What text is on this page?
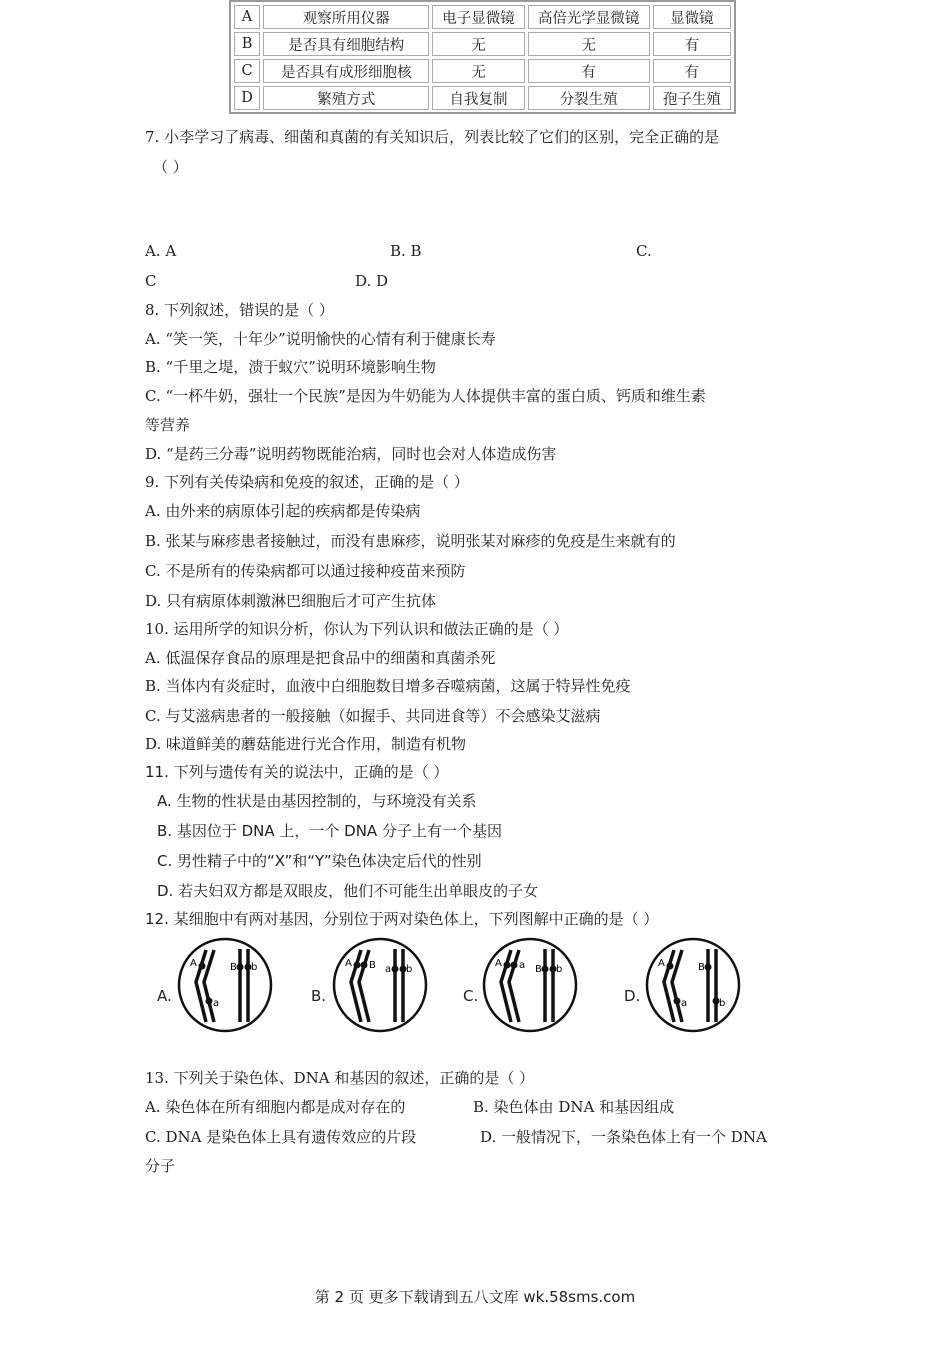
A	观察所用仪器	电子显微镜	高倍光学显微镜	显微镜
B	是否具有细胞结构	无	无	有
C	是否具有成形细胞核	无	有	有
D	繁殖方式	自我复制	分裂生殖	孢子生殖
7. 小李学习了病毒、细菌和真菌的有关知识后，列表比较了它们的区别，完全正确的是
（ ）
A. A	B. B	C.
C	D. D
8. 下列叙述，错误的是（ ）
A. “笑一笑，十年少”说明愉快的心情有利于健康长寿
B. “千里之堤，溃于蚁穴”说明环境影响生物
C. “一杯牛奶，强壮一个民族”是因为牛奶能为人体提供丰富的蛋白质、钙质和维生素
等营养
D. “是药三分毒”说明药物既能治病，同时也会对人体造成伤害
9. 下列有关传染病和免疫的叙述，正确的是（ ）
A. 由外来的病原体引起的疾病都是传染病
B. 张某与麻疹患者接触过，而没有患麻疹，说明张某对麻疹的免疫是生来就有的
C. 不是所有的传染病都可以通过接种疫苗来预防
D. 只有病原体刺激淋巴细胞后才可产生抗体
10. 运用所学的知识分析，你认为下列认识和做法正确的是（ ）
A. 低温保存食品的原理是把食品中的细菌和真菌杀死
B. 当体内有炎症时，血液中白细胞数目增多吞噬病菌，这属于特异性免疫
C. 与艾滋病患者的一般接触（如握手、共同进食等）不会感染艾滋病
D. 味道鲜美的蘑菇能进行光合作用，制造有机物
11. 下列与遗传有关的说法中，正确的是（ ）
A. 生物的性状是由基因控制的，与环境没有关系
B. 基因位于 DNA 上，一个 DNA 分子上有一个基因
C. 男性精子中的“X”和“Y”染色体决定后代的性别
D. 若夫妇双方都是双眼皮，他们不可能生出单眼皮的子女
12. 某细胞中有两对基因，分别位于两对染色体上，下列图解中正确的是（ ）
A.
A
a
B b
B.
A B a b
C.
A a B b
D.
A
a
B
b
13. 下列关于染色体、DNA 和基因的叙述，正确的是（ ）
A. 染色体在所有细胞内都是成对存在的	B. 染色体由 DNA 和基因组成
C. DNA 是染色体上具有遗传效应的片段	D. 一般情况下，一条染色体上有一个 DNA
分子
第 2 页 更多下载请到五八文库 wk.58sms.com
